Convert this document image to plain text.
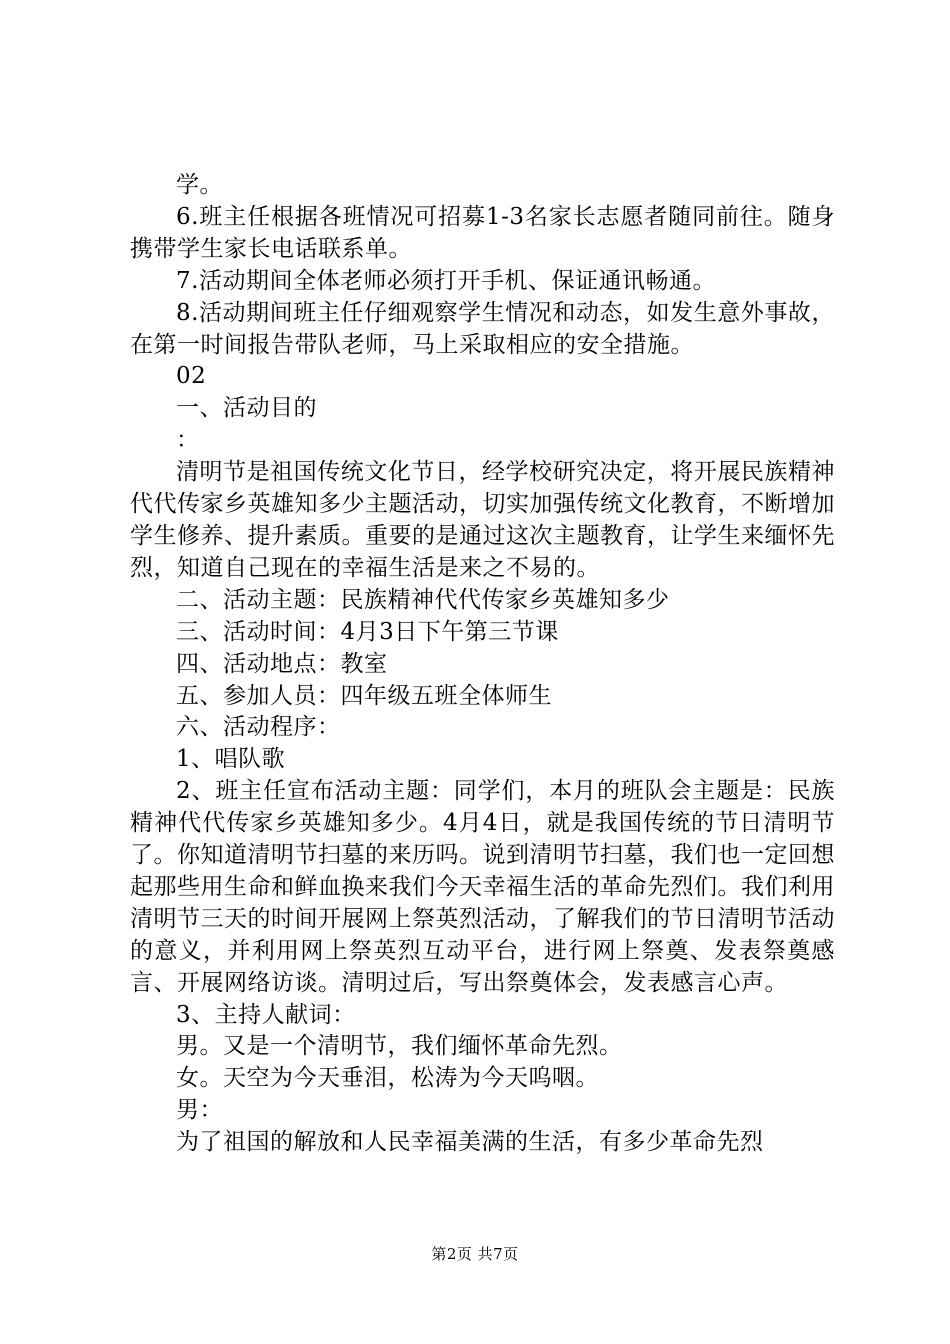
学。

6.班主任根据各班情况可招募1-3名家长志愿者随同前往。随身携带学生家长电话联系单。

7.活动期间全体老师必须打开手机、保证通讯畅通。

8.活动期间班主任仔细观察学生情况和动态，如发生意外事故，在第一时间报告带队老师，马上采取相应的安全措施。

02

一、活动目的

：

清明节是祖国传统文化节日，经学校研究决定，将开展民族精神代代传家乡英雄知多少主题活动，切实加强传统文化教育，不断增加学生修养、提升素质。重要的是通过这次主题教育，让学生来缅怀先烈，知道自己现在的幸福生活是来之不易的。

二、活动主题：民族精神代代传家乡英雄知多少

三、活动时间：4月3日下午第三节课

四、活动地点：教室

五、参加人员：四年级五班全体师生

六、活动程序：

1、唱队歌

2、班主任宣布活动主题：同学们，本月的班队会主题是：民族精神代代传家乡英雄知多少。4月4日，就是我国传统的节日清明节了。你知道清明节扫墓的来历吗。说到清明节扫墓，我们也一定回想起那些用生命和鲜血换来我们今天幸福生活的革命先烈们。我们利用清明节三天的时间开展网上祭英烈活动，了解我们的节日清明节活动的意义，并利用网上祭英烈互动平台，进行网上祭奠、发表祭奠感言、开展网络访谈。清明过后，写出祭奠体会，发表感言心声。

3、主持人献词：

男。又是一个清明节，我们缅怀革命先烈。

女。天空为今天垂泪，松涛为今天呜咽。

男：

为了祖国的解放和人民幸福美满的生活，有多少革命先烈

第2页 共7页
